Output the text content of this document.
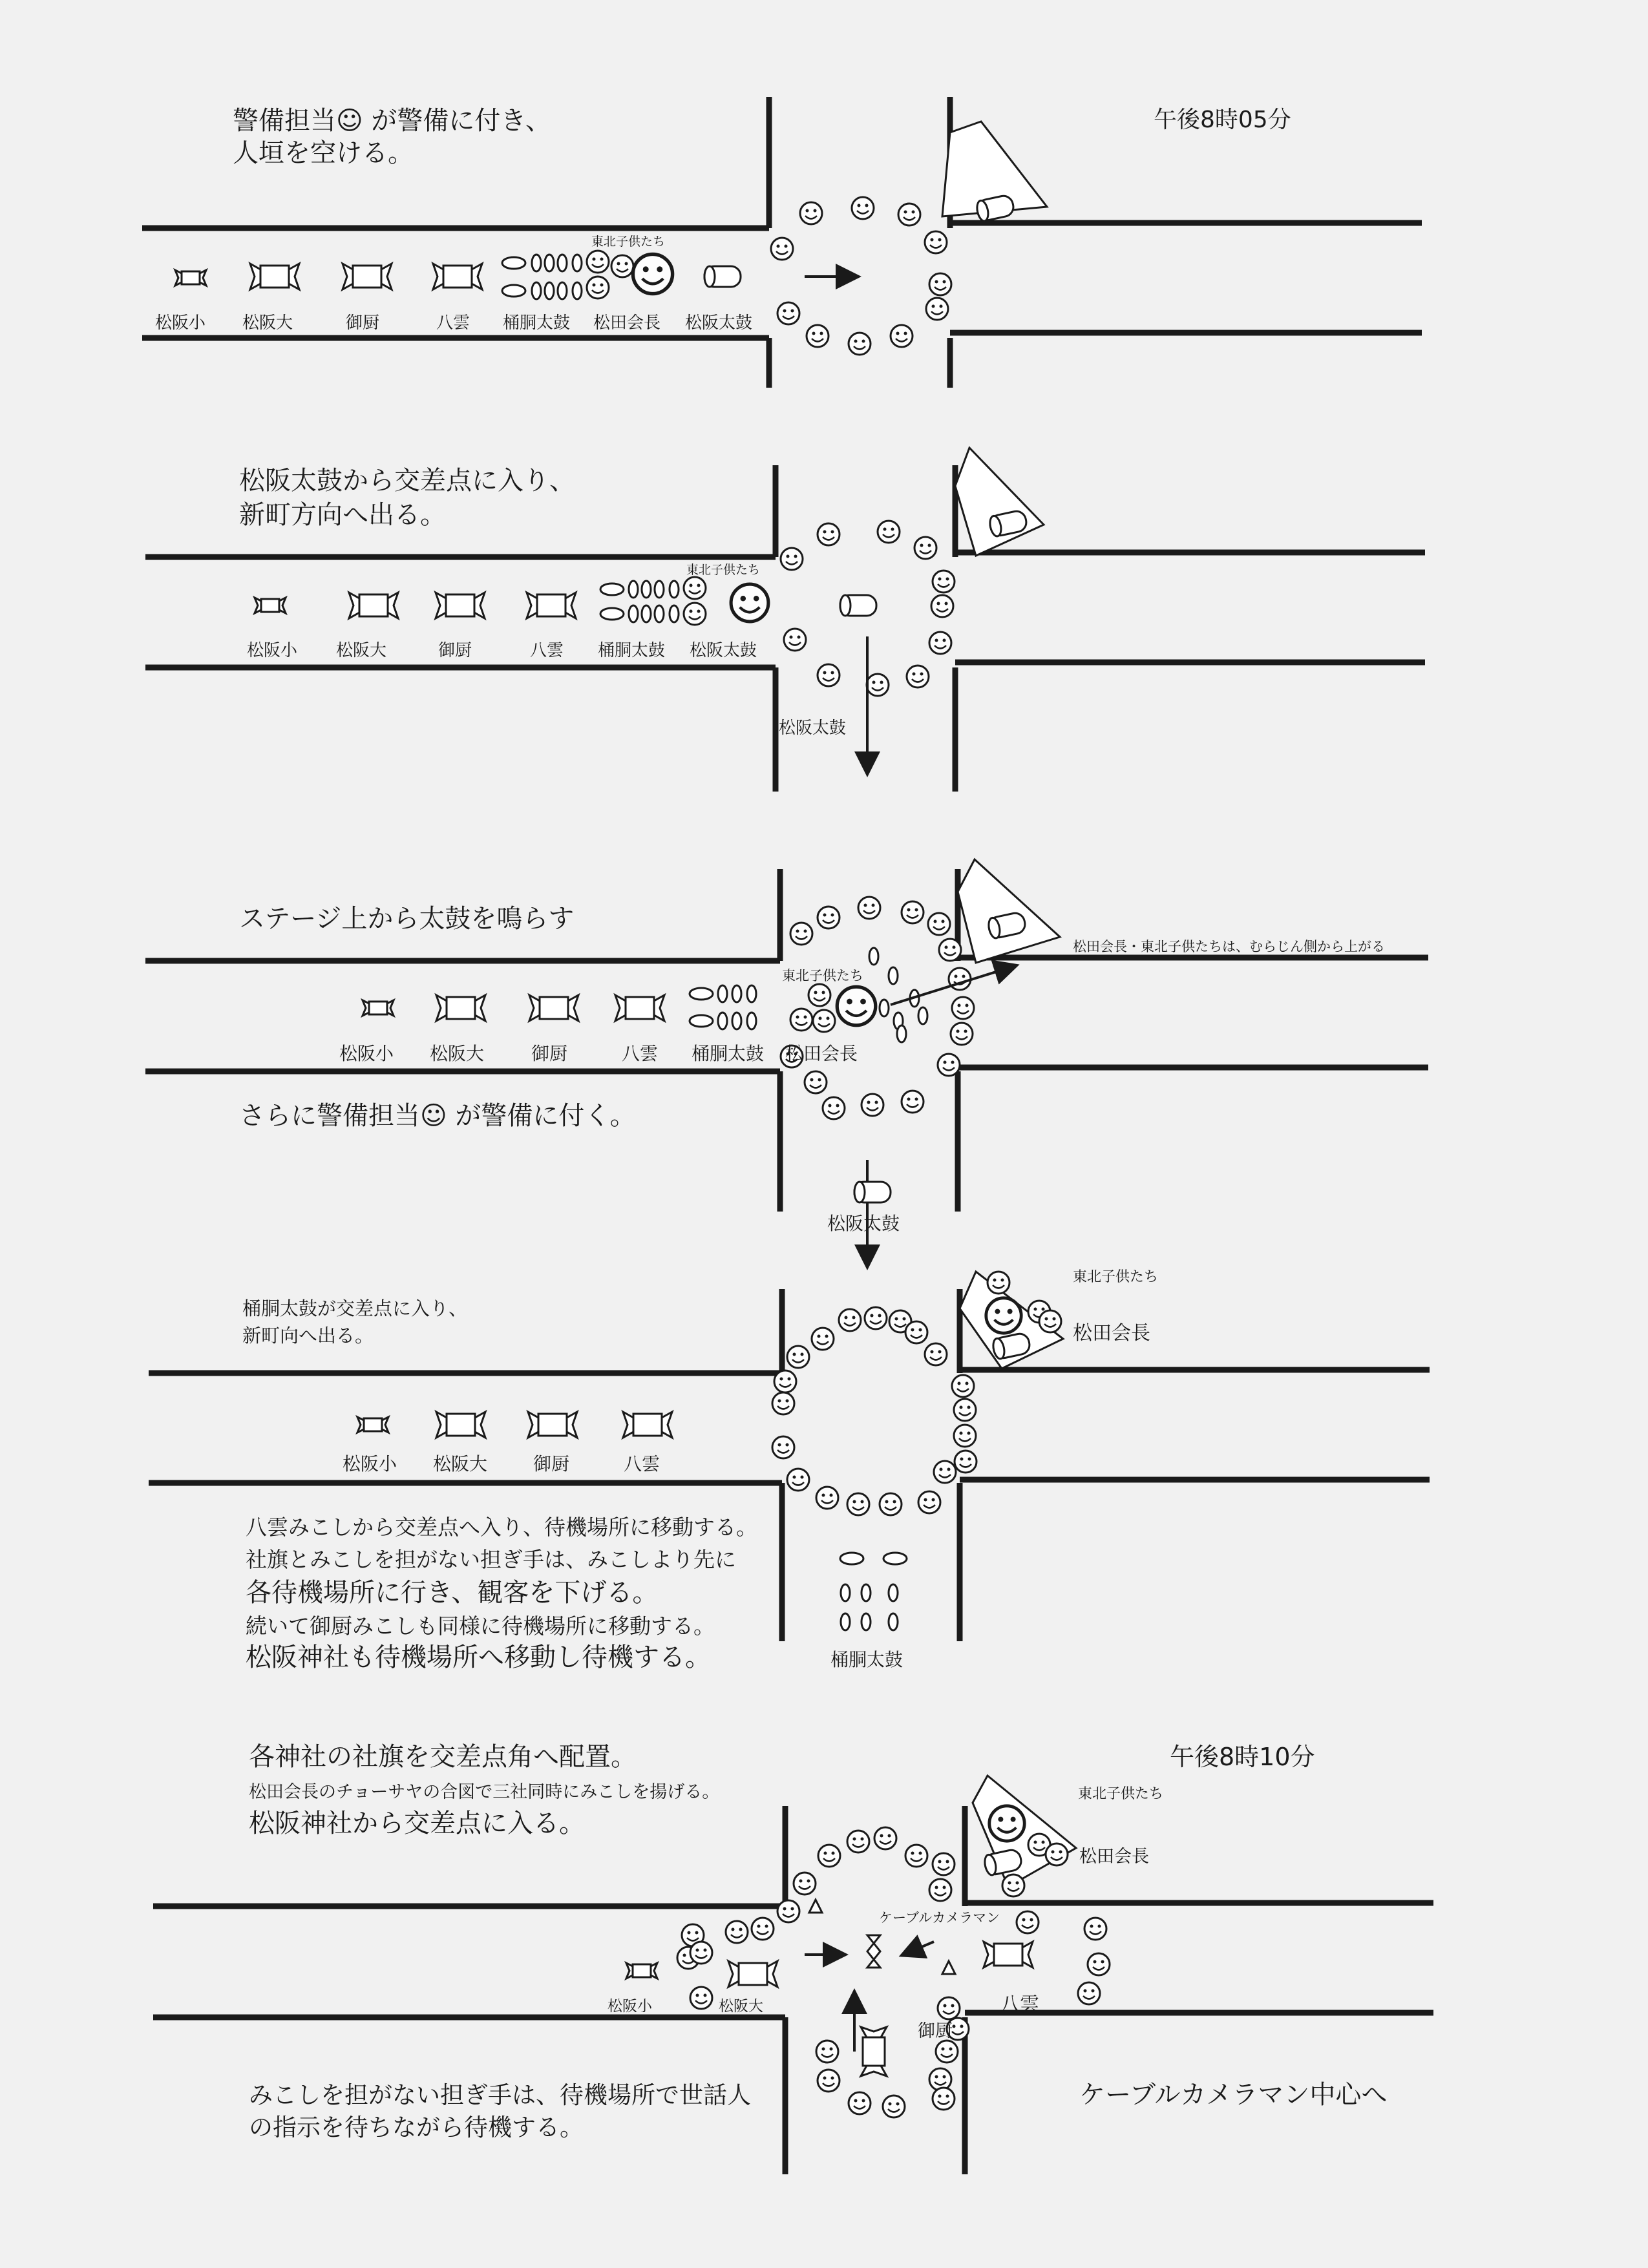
警備担当☺ が警備に付き、
人垣を空ける。
午後8時05分
東北子供たち
松阪小 松阪大	御厨	八雲 桶胴太鼓 松田会長 松阪太鼓
松阪太鼓から交差点に入り、
新町方向へ出る。
東北子供たち
松阪小 松阪大	御厨	八雲 桶胴太鼓 松阪太鼓
松阪太鼓
ステージ上から太鼓を鳴らす
さらに警備担当☺ が警備に付く。
松田会長・東北子供たちは、むらじん側から上がる
東北子供たち
松阪小 松阪大	御厨	八雲 桶胴太鼓 松田会長
松阪太鼓
桶胴太鼓が交差点に入り、
新町向へ出る。
東北子供たち
松田会長
松阪小 松阪大	御厨	八雲
桶胴太鼓
八雲みこしから交差点へ入り、待機場所に移動する。
社旗とみこしを担がない担ぎ手は、みこしより先に
各待機場所に行き、観客を下げる。
続いて御厨みこしも同様に待機場所に移動する。
松阪神社も待機場所へ移動し待機する。
各神社の社旗を交差点角へ配置。
松田会長のチョーサヤの合図で三社同時にみこしを揚げる。
松阪神社から交差点に入る。
午後8時10分
東北子供たち
松田会長
ケーブルカメラマン
松阪小	松阪大	八雲
御厨
みこしを担がない担ぎ手は、待機場所で世話人
の指示を待ちながら待機する。
ケーブルカメラマン中心へ
